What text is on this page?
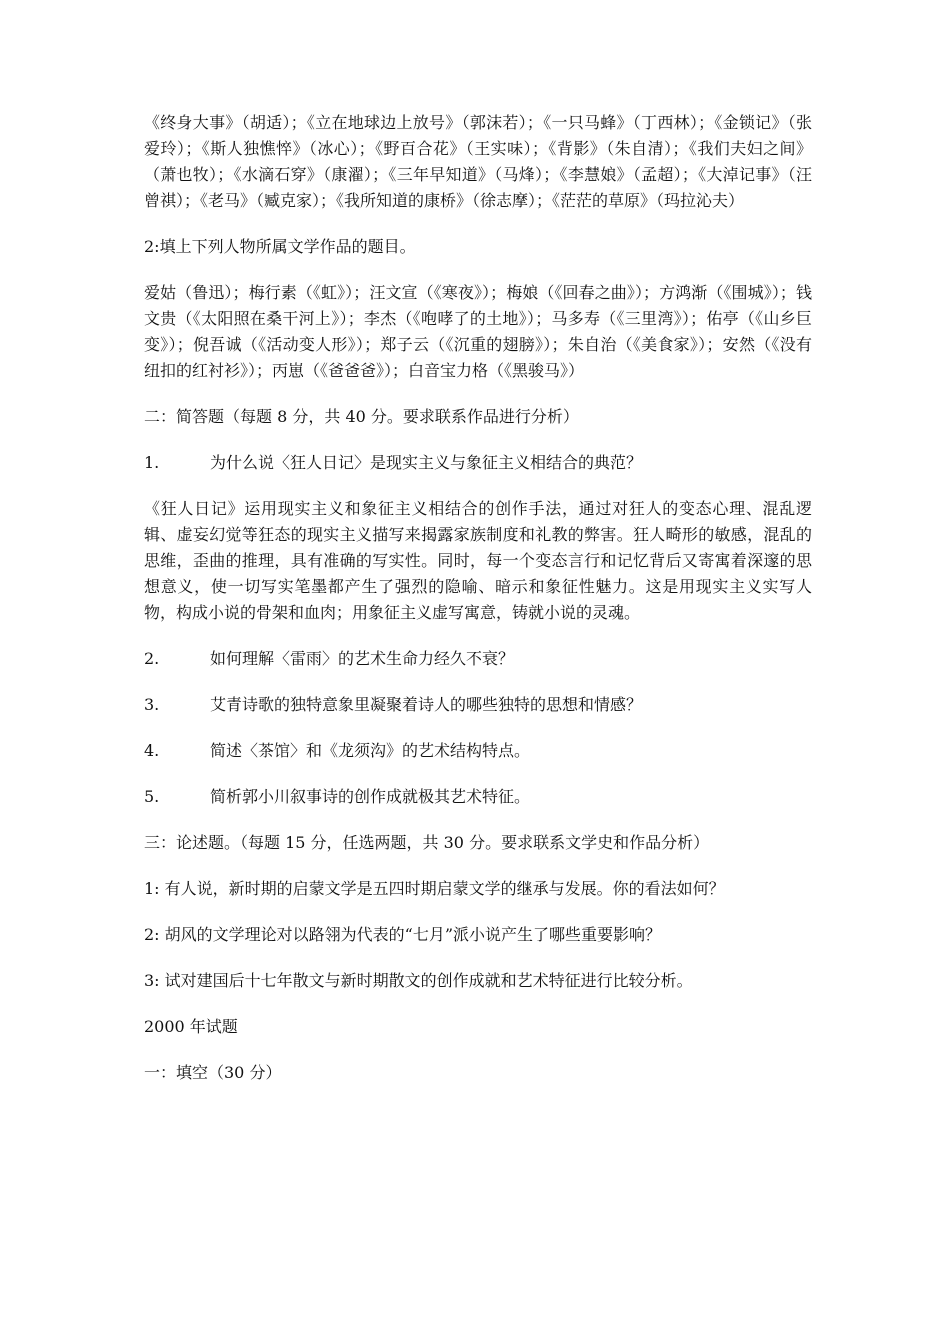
《终身大事》（胡适）；《立在地球边上放号》（郭沫若）；《一只马蜂》（丁西林）；《金锁记》（张爱玲）；《斯人独憔悴》（冰心）；《野百合花》（王实味）；《背影》（朱自清）；《我们夫妇之间》（萧也牧）；《水滴石穿》（康濯）；《三年早知道》（马烽）；《李慧娘》（孟超）；《大淖记事》（汪曾祺）；《老马》（臧克家）；《我所知道的康桥》（徐志摩）；《茫茫的草原》（玛拉沁夫）

2:填上下列人物所属文学作品的题目。

爱姑（鲁迅）；梅行素（《虹》）；汪文宣（《寒夜》）；梅娘（《回春之曲》）；方鸿渐（《围城》）；钱文贵（《太阳照在桑干河上》）；李杰（《咆哮了的土地》）；马多寿（《三里湾》）；佑亭（《山乡巨变》）；倪吾诚（《活动变人形》）；郑子云（《沉重的翅膀》）；朱自治（《美食家》）；安然（《没有纽扣的红衬衫》）；丙崽（《爸爸爸》）；白音宝力格（《黑骏马》）

二：简答题（每题 8 分，共 40 分。要求联系作品进行分析）

1.	为什么说〈狂人日记〉是现实主义与象征主义相结合的典范？

《狂人日记》运用现实主义和象征主义相结合的创作手法，通过对狂人的变态心理、混乱逻辑、虚妄幻觉等狂态的现实主义描写来揭露家族制度和礼教的弊害。狂人畸形的敏感，混乱的思维，歪曲的推理，具有准确的写实性。同时，每一个变态言行和记忆背后又寄寓着深邃的思想意义，使一切写实笔墨都产生了强烈的隐喻、暗示和象征性魅力。这是用现实主义实写人物，构成小说的骨架和血肉；用象征主义虚写寓意，铸就小说的灵魂。

2.	如何理解〈雷雨〉的艺术生命力经久不衰？
3.	艾青诗歌的独特意象里凝聚着诗人的哪些独特的思想和情感？
4.	简述〈茶馆〉和《龙须沟》的艺术结构特点。
5.	简析郭小川叙事诗的创作成就极其艺术特征。

三：论述题。（每题 15 分，任选两题，共 30 分。要求联系文学史和作品分析）

1: 有人说，新时期的启蒙文学是五四时期启蒙文学的继承与发展。你的看法如何？

2: 胡风的文学理论对以路翎为代表的“七月”派小说产生了哪些重要影响？

3: 试对建国后十七年散文与新时期散文的创作成就和艺术特征进行比较分析。

2000 年试题

一：填空（30 分）
